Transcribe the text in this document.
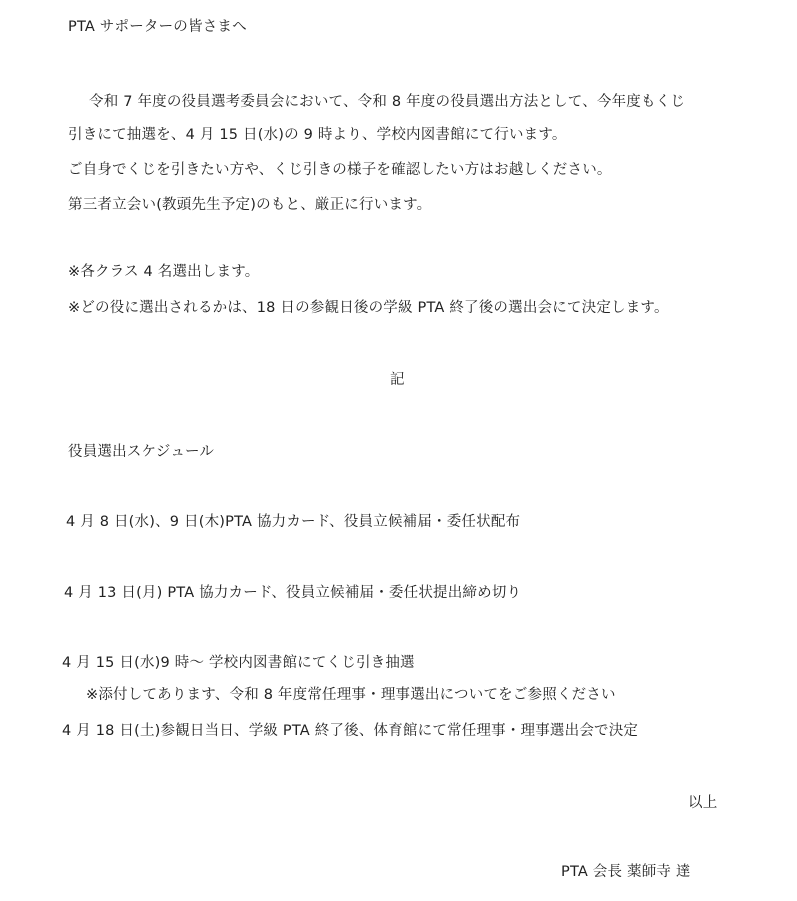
PTA サポーターの皆さまへ
令和 7 年度の役員選考委員会において、令和 8 年度の役員選出方法として、今年度もくじ
引きにて抽選を、4 月 15 日(水)の 9 時より、学校内図書館にて行います。
ご自身でくじを引きたい方や、くじ引きの様子を確認したい方はお越しください。
第三者立会い(教頭先生予定)のもと、厳正に行います。
※各クラス 4 名選出します。
※どの役に選出されるかは、18 日の参観日後の学級 PTA 終了後の選出会にて決定します。
記
役員選出スケジュール
4 月 8 日(水)、9 日(木)PTA 協力カード、役員立候補届・委任状配布
4 月 13 日(月) PTA 協力カード、役員立候補届・委任状提出締め切り
4 月 15 日(水)9 時～ 学校内図書館にてくじ引き抽選
※添付してあります、令和 8 年度常任理事・理事選出についてをご参照ください
4 月 18 日(土)参観日当日、学級 PTA 終了後、体育館にて常任理事・理事選出会で決定
以上
PTA 会長 薬師寺 達
